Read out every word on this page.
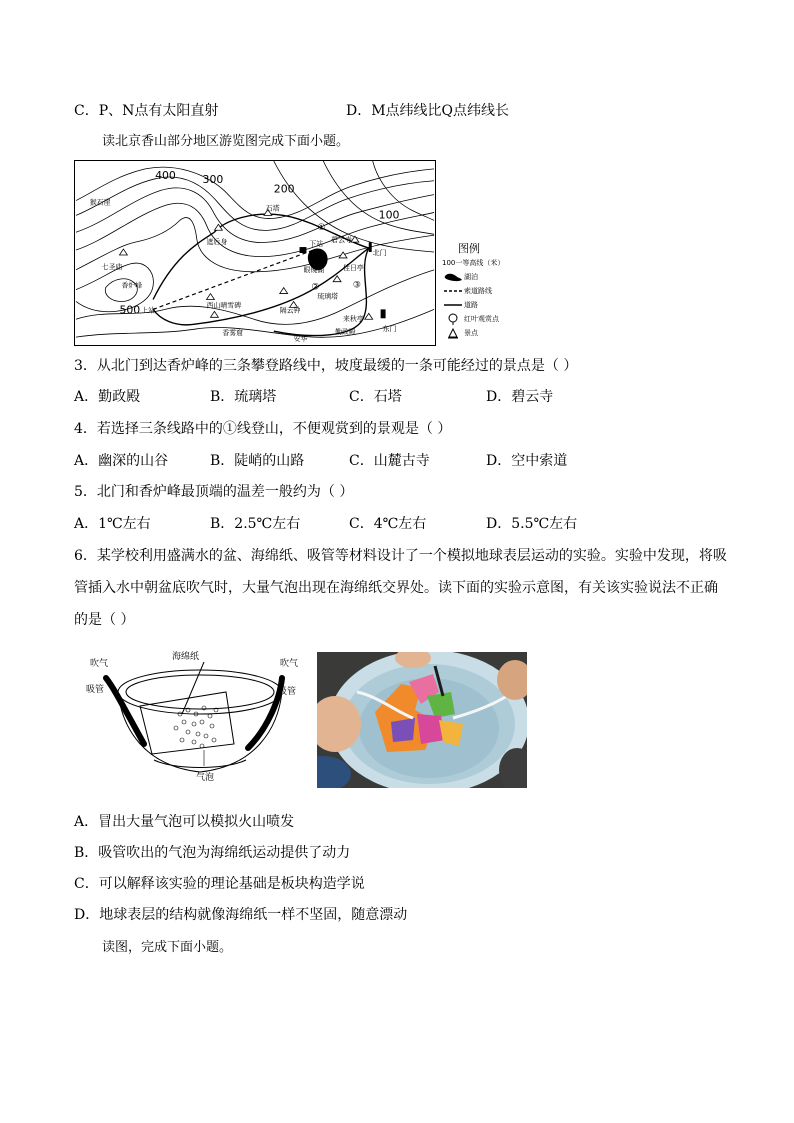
C．P、N点有太阳直射	D．M点纬线比Q点纬线长
读北京香山部分地区游览图完成下面小题。
400 300
200
100
500
猴石崖
石塔
碧云寺
下站
北门
遮后身
眼镜湖	佳日亭
七圣庙
香炉峰
琉璃塔
西山晴雪碑
隔云钟
上站
香雾窟
来秋亭
勤政殿	东门
安华
①
②	③
图例
100一等高线（米）
湖泊
索道路线
道路
红叶观赏点
景点
3．从北门到达香炉峰的三条攀登路线中，坡度最缓的一条可能经过的景点是（ ）
A．勤政殿	B．琉璃塔	C．石塔	D．碧云寺
4．若选择三条线路中的①线登山，不便观赏到的景观是（ ）
A．幽深的山谷	B．陡峭的山路	C．山麓古寺	D．空中索道
5．北门和香炉峰最顶端的温差一般约为（ ）
A．1℃左右	B．2.5℃左右	C．4℃左右	D．5.5℃左右
6．某学校利用盛满水的盆、海绵纸、吸管等材料设计了一个模拟地球表层运动的实验。实验中发现，将吸
管插入水中朝盆底吹气时，大量气泡出现在海绵纸交界处。读下面的实验示意图，有关该实验说法不正确
的是（ ）
海绵纸
吹气	吹气
吸管	吸管
气泡
A．冒出大量气泡可以模拟火山喷发
B．吸管吹出的气泡为海绵纸运动提供了动力
C．可以解释该实验的理论基础是板块构造学说
D．地球表层的结构就像海绵纸一样不坚固，随意漂动
读图，完成下面小题。
